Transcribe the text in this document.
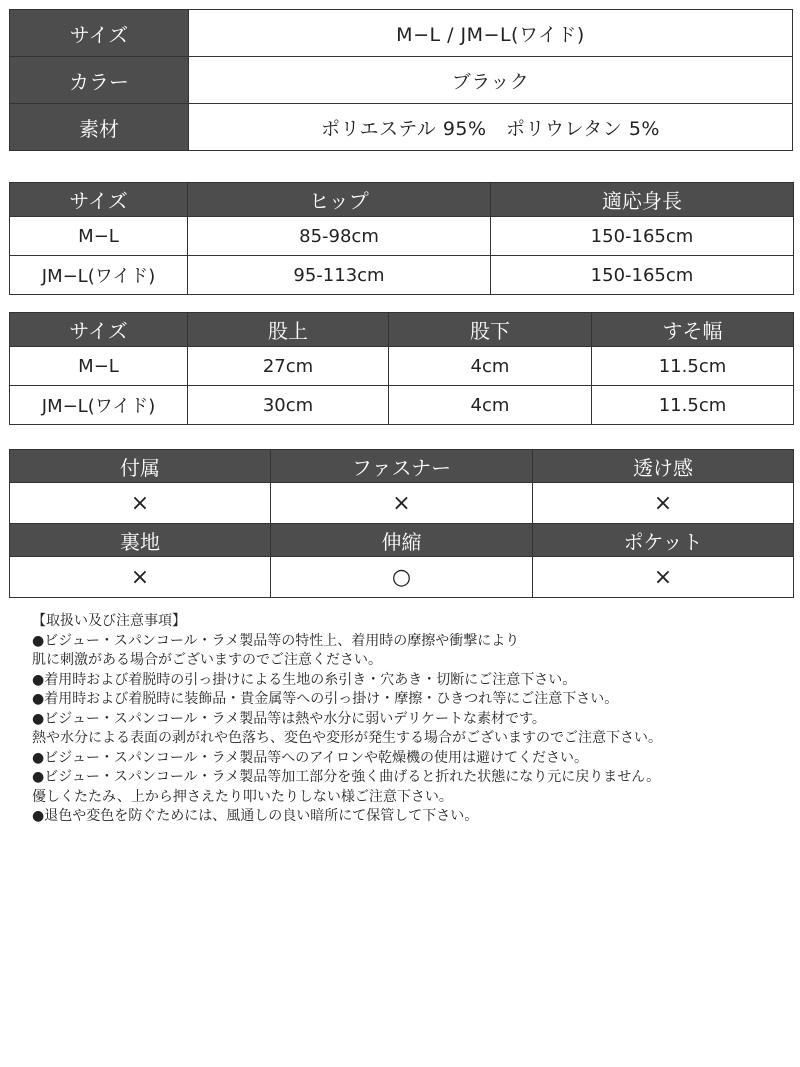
サイズ	M−L / JM−L(ワイド)
カラー	ブラック
素材	ポリエステル 95%　ポリウレタン 5%
サイズ	ヒップ	適応身長
M−L	85-98cm	150-165cm
JM−L(ワイド)	95-113cm	150-165cm
サイズ	股上	股下	すそ幅
M−L	27cm	4cm	11.5cm
JM−L(ワイド)	30cm	4cm	11.5cm
付属	ファスナー	透け感
×	×	×
裏地	伸縮	ポケット
×	○	×
【取扱い及び注意事項】
●ビジュー・スパンコール・ラメ製品等の特性上、着用時の摩擦や衝撃により
肌に刺激がある場合がございますのでご注意ください。
●着用時および着脱時の引っ掛けによる生地の糸引き・穴あき・切断にご注意下さい。
●着用時および着脱時に装飾品・貴金属等への引っ掛け・摩擦・ひきつれ等にご注意下さい。
●ビジュー・スパンコール・ラメ製品等は熱や水分に弱いデリケートな素材です。
熱や水分による表面の剥がれや色落ち、変色や変形が発生する場合がございますのでご注意下さい。
●ビジュー・スパンコール・ラメ製品等へのアイロンや乾燥機の使用は避けてください。
●ビジュー・スパンコール・ラメ製品等加工部分を強く曲げると折れた状態になり元に戻りません。
優しくたたみ、上から押さえたり叩いたりしない様ご注意下さい。
●退色や変色を防ぐためには、風通しの良い暗所にて保管して下さい。
